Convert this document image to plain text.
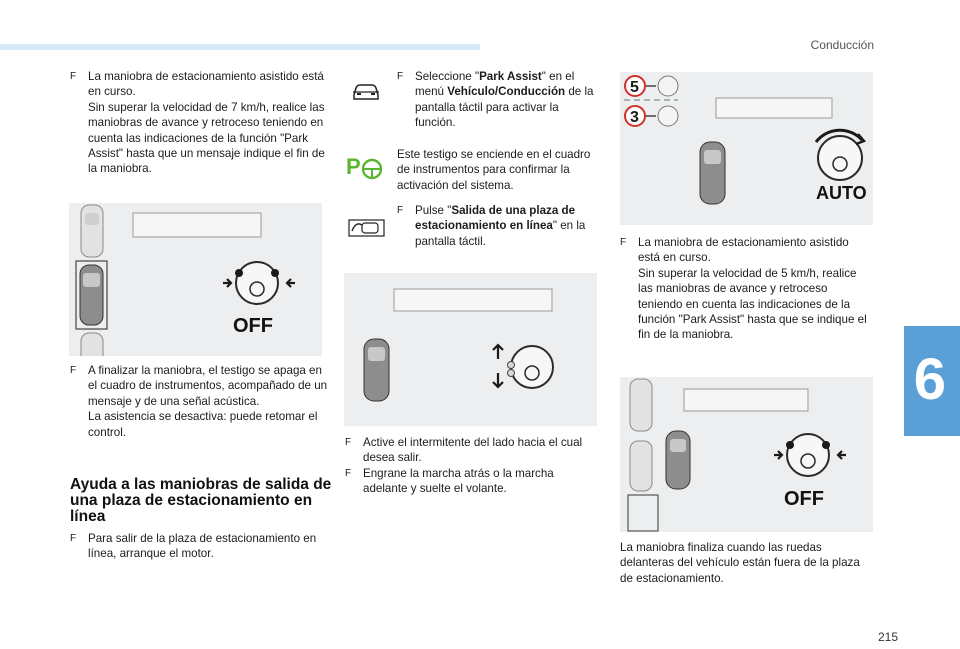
Conducción
6
215
F	La maniobra de estacionamiento asistido está en curso.
Sin superar la velocidad de 7 km/h, realice las maniobras de avance y retroceso teniendo en cuenta las indicaciones de la función "Park Assist" hasta que un mensaje indique el fin de la maniobra.
OFF
F	A finalizar la maniobra, el testigo se apaga en el cuadro de instrumentos, acompañado de un mensaje y de una señal acústica.
La asistencia se desactiva: puede retomar el control.
Ayuda a las maniobras de salida de una plaza de estacionamiento en línea
F	Para salir de la plaza de estacionamiento en línea, arranque el motor.
F	Seleccione "Park Assist" en el menú Vehículo/Conducción de la pantalla táctil para activar la función.
P	Este testigo se enciende en el cuadro de instrumentos para confirmar la activación del sistema.
F	Pulse "Salida de una plaza de estacionamiento en línea" en la pantalla táctil.
F	Active el intermitente del lado hacia el cual desea salir.
F	Engrane la marcha atrás o la marcha adelante y suelte el volante.
5
3
AUTO
F	La maniobra de estacionamiento asistido está en curso.
Sin superar la velocidad de 5 km/h, realice las maniobras de avance y retroceso teniendo en cuenta las indicaciones de la función "Park Assist" hasta que se indique el fin de la maniobra.
OFF
La maniobra finaliza cuando las ruedas delanteras del vehículo están fuera de la plaza de estacionamiento.
